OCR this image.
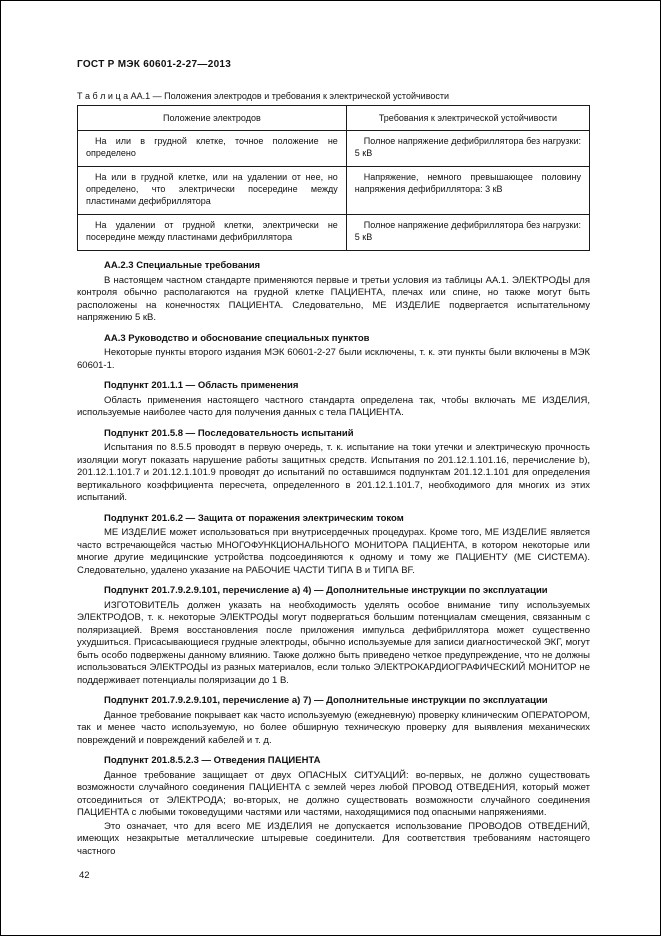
ГОСТ Р МЭК 60601-2-27—2013
Т а б л и ц а АА.1 — Положения электродов и требования к электрической устойчивости
Положение электродов	Требования к электрической устойчивости
На или в грудной клетке, точное положение не определено	Полное напряжение дефибриллятора без нагрузки: 5 кВ
На или в грудной клетке, или на удалении от нее, но определено, что электрически посередине между пластинами дефибриллятора	Напряжение, немного превышающее половину напряжения дефибриллятора: 3 кВ
На удалении от грудной клетки, электрически не посередине между пластинами дефибриллятора	Полное напряжение дефибриллятора без нагрузки: 5 кВ

АА.2.3 Специальные требования

В настоящем частном стандарте применяются первые и третьи условия из таблицы АА.1. ЭЛЕКТРОДЫ для контроля обычно располагаются на грудной клетке ПАЦИЕНТА, плечах или спине, но также могут быть расположены на конечностях ПАЦИЕНТА. Следовательно, МЕ ИЗДЕЛИЕ подвергается испытательному напряжению 5 кВ.

АА.3 Руководство и обоснование специальных пунктов

Некоторые пункты второго издания МЭК 60601-2-27 были исключены, т. к. эти пункты были включены в МЭК 60601-1.

Подпункт 201.1.1 — Область применения

Область применения настоящего частного стандарта определена так, чтобы включать МЕ ИЗДЕЛИЯ, используемые наиболее часто для получения данных с тела ПАЦИЕНТА.

Подпункт 201.5.8 — Последовательность испытаний

Испытания по 8.5.5 проводят в первую очередь, т. к. испытание на токи утечки и электрическую прочность изоляции могут показать нарушение работы защитных средств. Испытания по 201.12.1.101.16, перечисление b), 201.12.1.101.7 и 201.12.1.101.9 проводят до испытаний по оставшимся подпунктам 201.12.1.101 для определения вертикального коэффициента пересчета, определенного в 201.12.1.101.7, необходимого для многих из этих испытаний.

Подпункт 201.6.2 — Защита от поражения электрическим током

МЕ ИЗДЕЛИЕ может использоваться при внутрисердечных процедурах. Кроме того, МЕ ИЗДЕЛИЕ является часто встречающейся частью МНОГОФУНКЦИОНАЛЬНОГО МОНИТОРА ПАЦИЕНТА, в котором некоторые или многие другие медицинские устройства подсоединяются к одному и тому же ПАЦИЕНТУ (МЕ СИСТЕМА). Следовательно, удалено указание на РАБОЧИЕ ЧАСТИ ТИПА В и ТИПА BF.

Подпункт 201.7.9.2.9.101, перечисление а) 4) — Дополнительные инструкции по эксплуатации

ИЗГОТОВИТЕЛЬ должен указать на необходимость уделять особое внимание типу используемых ЭЛЕКТРОДОВ, т. к. некоторые ЭЛЕКТРОДЫ могут подвергаться большим потенциалам смещения, связанным с поляризацией. Время восстановления после приложения импульса дефибриллятора может существенно ухудшиться. Присасывающиеся грудные электроды, обычно используемые для записи диагностической ЭКГ, могут быть особо подвержены данному влиянию. Также должно быть приведено четкое предупреждение, что не должны использоваться ЭЛЕКТРОДЫ из разных материалов, если только ЭЛЕКТРОКАРДИОГРАФИЧЕСКИЙ МОНИТОР не поддерживает потенциалы поляризации до 1 В.

Подпункт 201.7.9.2.9.101, перечисление а) 7) — Дополнительные инструкции по эксплуатации

Данное требование покрывает как часто используемую (ежедневную) проверку клиническим ОПЕРАТОРОМ, так и менее часто используемую, но более обширную техническую проверку для выявления механических повреждений и повреждений кабелей и т. д.

Подпункт 201.8.5.2.3 — Отведения ПАЦИЕНТА

Данное требование защищает от двух ОПАСНЫХ СИТУАЦИЙ: во-первых, не должно существовать возможности случайного соединения ПАЦИЕНТА с землей через любой ПРОВОД ОТВЕДЕНИЯ, который может отсоединиться от ЭЛЕКТРОДА; во-вторых, не должно существовать возможности случайного соединения ПАЦИЕНТА с любыми токоведущими частями или частями, находящимися под опасными напряжениями.

Это означает, что для всего МЕ ИЗДЕЛИЯ не допускается использование ПРОВОДОВ ОТВЕДЕНИЙ, имеющих незакрытые металлические штыревые соединители. Для соответствия требованиям настоящего частного

42
